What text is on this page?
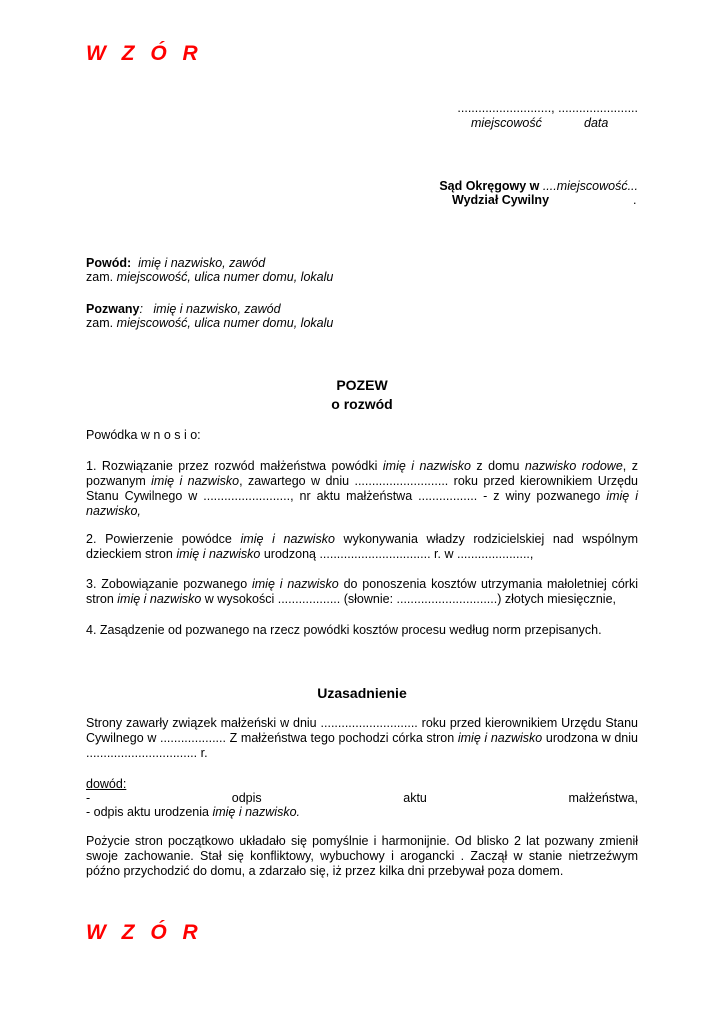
W Z Ó R
..........................., .......................
miejscowość	data
Sąd Okręgowy w ....miejscowość...
Wydział Cywilny	.
Powód: imię i nazwisko, zawód
zam. miejscowość, ulica numer domu, lokalu
Pozwany: imię i nazwisko, zawód
zam. miejscowość, ulica numer domu, lokalu
POZEW
o rozwód
Powódka w n o s i o:
1. Rozwiązanie przez rozwód małżeństwa powódki imię i nazwisko z domu nazwisko rodowe, z pozwanym imię i nazwisko, zawartego w dniu ........................... roku przed kierownikiem Urzędu Stanu Cywilnego w ........................., nr aktu małżeństwa ................. - z winy pozwanego imię i nazwisko,
2. Powierzenie powódce imię i nazwisko wykonywania władzy rodzicielskiej nad wspólnym dzieckiem stron imię i nazwisko urodzoną ................................ r. w .....................,
3. Zobowiązanie pozwanego imię i nazwisko do ponoszenia kosztów utrzymania małoletniej córki stron imię i nazwisko w wysokości .................. (słownie: .............................) złotych miesięcznie,
4. Zasądzenie od pozwanego na rzecz powódki kosztów procesu według norm przepisanych.
Uzasadnienie
Strony zawarły związek małżeński w dniu ............................ roku przed kierownikiem Urzędu Stanu Cywilnego w ................... Z małżeństwa tego pochodzi córka stron imię i nazwisko urodzona w dniu ................................ r.
dowód:
-	odpis	aktu	małżeństwa,
- odpis aktu urodzenia imię i nazwisko.
Pożycie stron początkowo układało się pomyślnie i harmonijnie. Od blisko 2 lat pozwany zmienił swoje zachowanie. Stał się konfliktowy, wybuchowy i arogancki . Zaczął w stanie nietrzeźwym późno przychodzić do domu, a zdarzało się, iż przez kilka dni przebywał poza domem.
W Z Ó R
